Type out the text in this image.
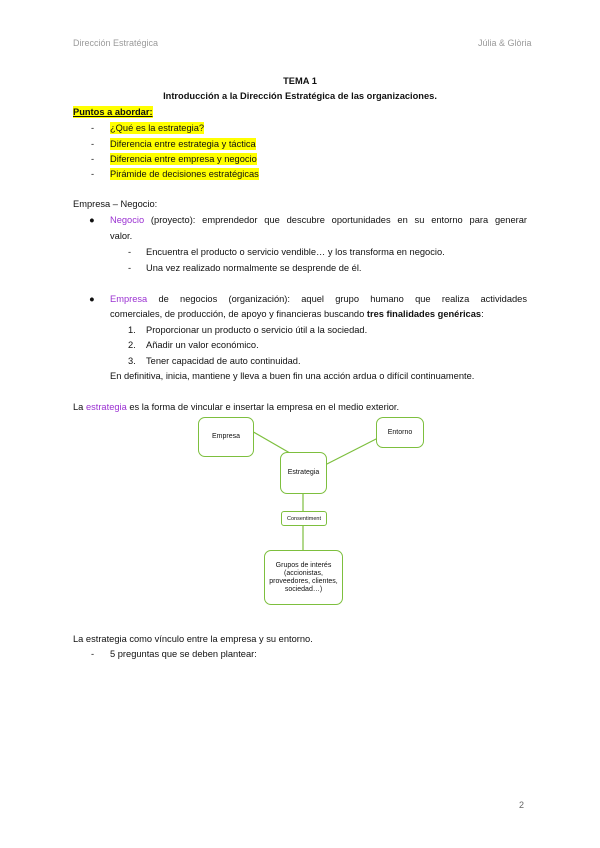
Dirección Estratégica	Júlia & Glòria
TEMA 1
Introducción a la Dirección Estratégica de las organizaciones.
Puntos a abordar:
- ¿Qué es la estrategia?
- Diferencia entre estrategia y táctica
- Diferencia entre empresa y negocio
- Pirámide de decisiones estratégicas
Empresa – Negocio:
● Negocio (proyecto): emprendedor que descubre oportunidades en su entorno para generar
valor.
- Encuentra el producto o servicio vendible… y los transforma en negocio.
- Una vez realizado normalmente se desprende de él.
● Empresa de negocios (organización): aquel grupo humano que realiza actividades
comerciales, de producción, de apoyo y financieras buscando tres finalidades genéricas:
1. Proporcionar un producto o servicio útil a la sociedad.
2. Añadir un valor económico.
3. Tener capacidad de auto continuidad.
En definitiva, inicia, mantiene y lleva a buen fin una acción ardua o difícil continuamente.
La estrategia es la forma de vincular e insertar la empresa en el medio exterior.
Empresa
Entorno
Estrategia
Consentiment
Grupos de interés (accionistas, proveedores, clientes, sociedad…)
La estrategia como vínculo entre la empresa y su entorno.
- 5 preguntas que se deben plantear:
2
